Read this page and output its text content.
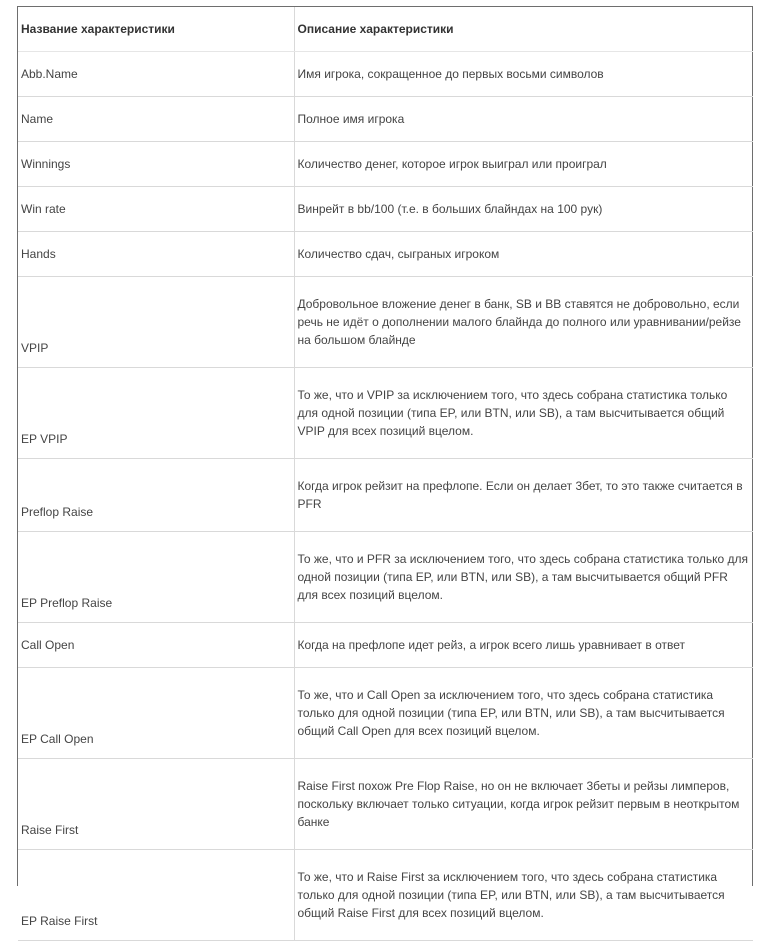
Название характеристики	Описание характеристики
Abb.Name	Имя игрока, сокращенное до первых восьми символов
Name	Полное имя игрока
Winnings	Количество денег, которое игрок выиграл или проиграл
Win rate	Винрейт в bb/100 (т.е. в больших блайндах на 100 рук)
Hands	Количество сдач, сыграных игроком
VPIP	Добровольное вложение денег в банк, SB и BB ставятся не добровольно, если речь не идёт о дополнении малого блайнда до полного или уравнивании/рейзе на большом блайнде
EP VPIP	То же, что и VPIP за исключением того, что здесь собрана статистика только для одной позиции (типа EP, или BTN, или SB), а там высчитывается общий VPIP для всех позиций вцелом.
Preflop Raise	Когда игрок рейзит на префлопе. Если он делает 3бет, то это также считается в PFR
EP Preflop Raise	То же, что и PFR за исключением того, что здесь собрана статистика только для одной позиции (типа EP, или BTN, или SB), а там высчитывается общий PFR для всех позиций вцелом.
Call Open	Когда на префлопе идет рейз, а игрок всего лишь уравнивает в ответ
EP Call Open	То же, что и Call Open за исключением того, что здесь собрана статистика только для одной позиции (типа EP, или BTN, или SB), а там высчитывается общий Call Open для всех позиций вцелом.
Raise First	Raise First похож Pre Flop Raise, но он не включает 3беты и рейзы лимперов, поскольку включает только ситуации, когда игрок рейзит первым в неоткрытом банке
EP Raise First	То же, что и Raise First за исключением того, что здесь собрана статистика только для одной позиции (типа EP, или BTN, или SB), а там высчитывается общий Raise First для всех позиций вцелом.
